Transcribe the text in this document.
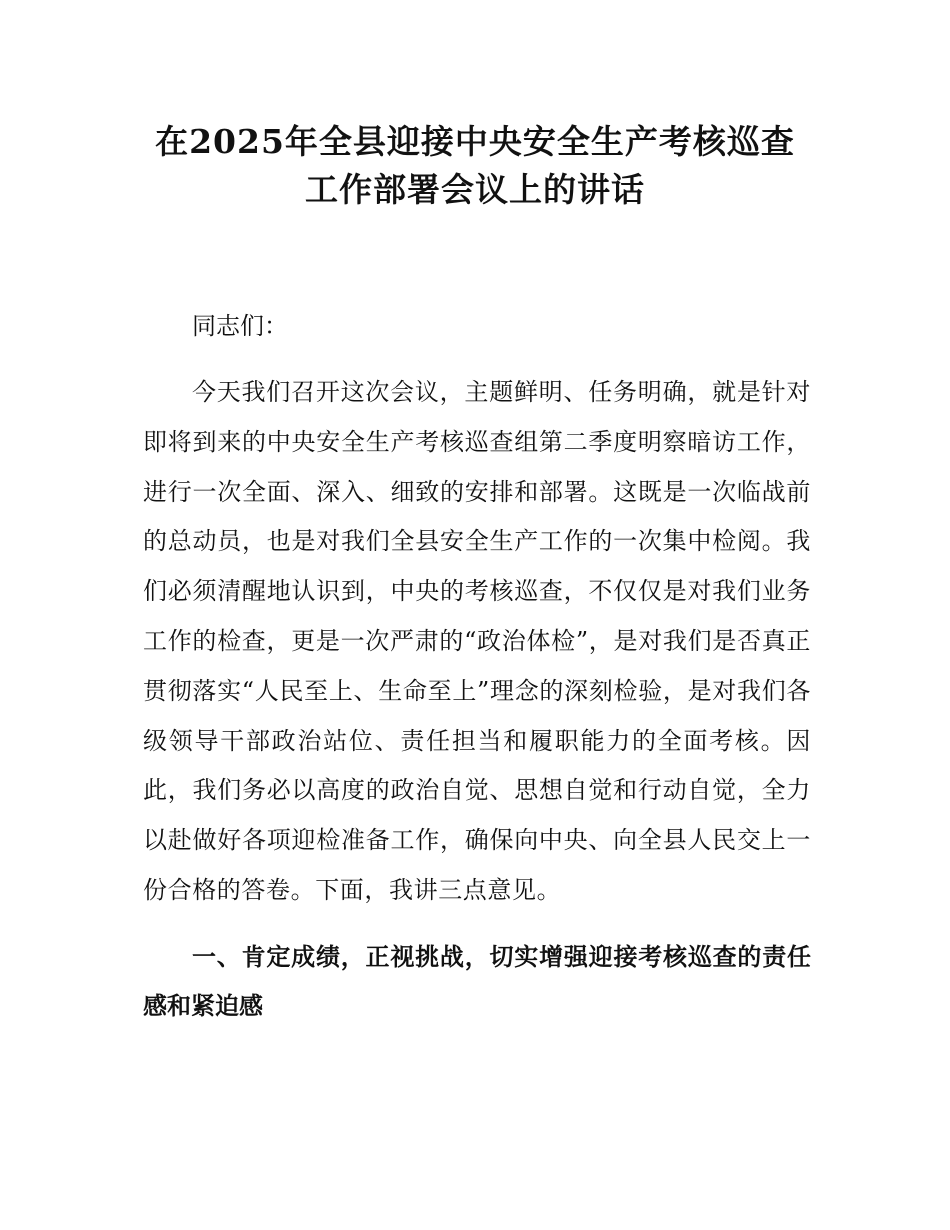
在2025年全县迎接中央安全生产考核巡查工作部署会议上的讲话

同志们：

今天我们召开这次会议，主题鲜明、任务明确，就是针对即将到来的中央安全生产考核巡查组第二季度明察暗访工作，进行一次全面、深入、细致的安排和部署。这既是一次临战前的总动员，也是对我们全县安全生产工作的一次集中检阅。我们必须清醒地认识到，中央的考核巡查，不仅仅是对我们业务工作的检查，更是一次严肃的“政治体检”，是对我们是否真正贯彻落实“人民至上、生命至上”理念的深刻检验，是对我们各级领导干部政治站位、责任担当和履职能力的全面考核。因此，我们务必以高度的政治自觉、思想自觉和行动自觉，全力以赴做好各项迎检准备工作，确保向中央、向全县人民交上一份合格的答卷。下面，我讲三点意见。

一、肯定成绩，正视挑战，切实增强迎接考核巡查的责任感和紧迫感
